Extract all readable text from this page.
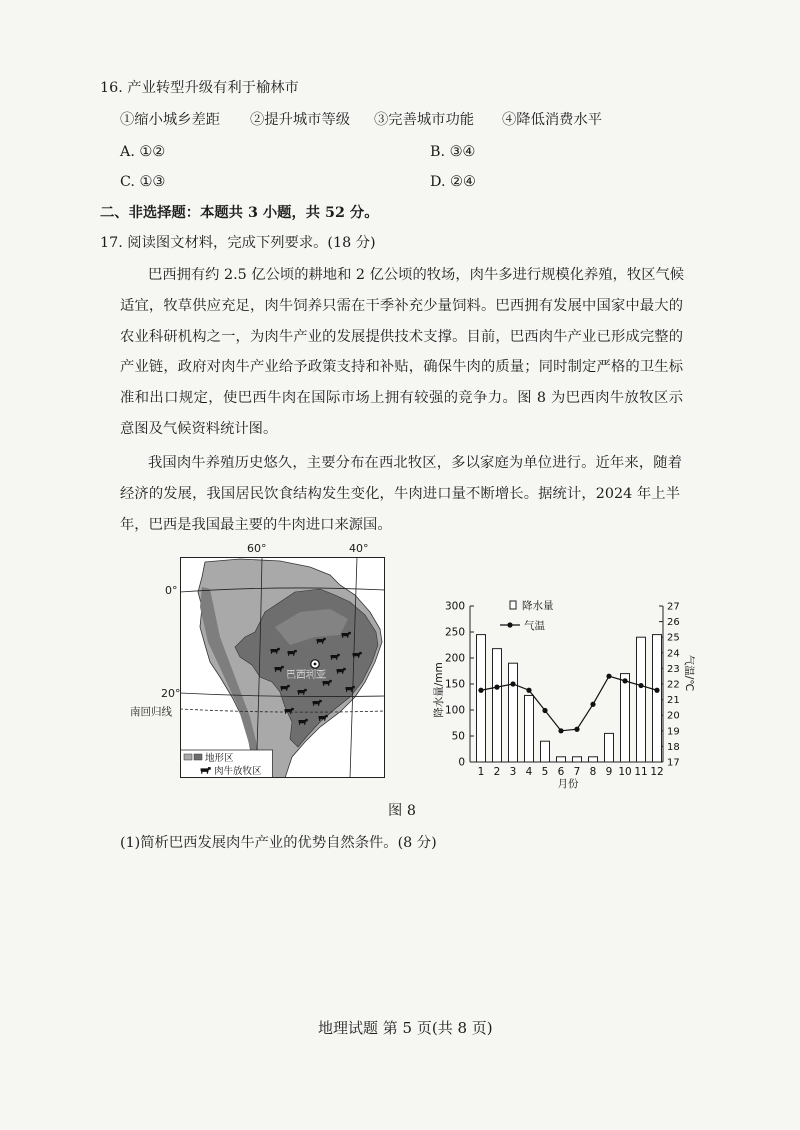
16. 产业转型升级有利于榆林市
①缩小城乡差距 ②提升城市等级 ③完善城市功能 ④降低消费水平
A. ①②	B. ③④
C. ①③	D. ②④
二、非选择题：本题共 3 小题，共 52 分。
17. 阅读图文材料，完成下列要求。(18 分)
巴西拥有约 2.5 亿公顷的耕地和 2 亿公顷的牧场，肉牛多进行规模化养殖，牧区气候
适宜，牧草供应充足，肉牛饲养只需在干季补充少量饲料。巴西拥有发展中国家中最大的
农业科研机构之一，为肉牛产业的发展提供技术支撑。目前，巴西肉牛产业已形成完整的
产业链，政府对肉牛产业给予政策支持和补贴，确保牛肉的质量；同时制定严格的卫生标
准和出口规定，使巴西牛肉在国际市场上拥有较强的竞争力。图 8 为巴西肉牛放牧区示
意图及气候资料统计图。
我国肉牛养殖历史悠久，主要分布在西北牧区，多以家庭为单位进行。近年来，随着
经济的发展，我国居民饮食结构发生变化，牛肉进口量不断增长。据统计，2024 年上半
年，巴西是我国最主要的牛肉进口来源国。
60°	40°
0°
20°
南回归线
巴西利亚
地形区
肉牛放牧区
0
50
100
150
200
250
300
17
18
19
20
21
22
23
24
25
26
27
1 2 3 4 5 6 7 8 9 10 11 12
降水量
气温
降水量/mm	气温/℃
月份
图 8
(1)简析巴西发展肉牛产业的优势自然条件。(8 分)
地理试题 第 5 页(共 8 页)
